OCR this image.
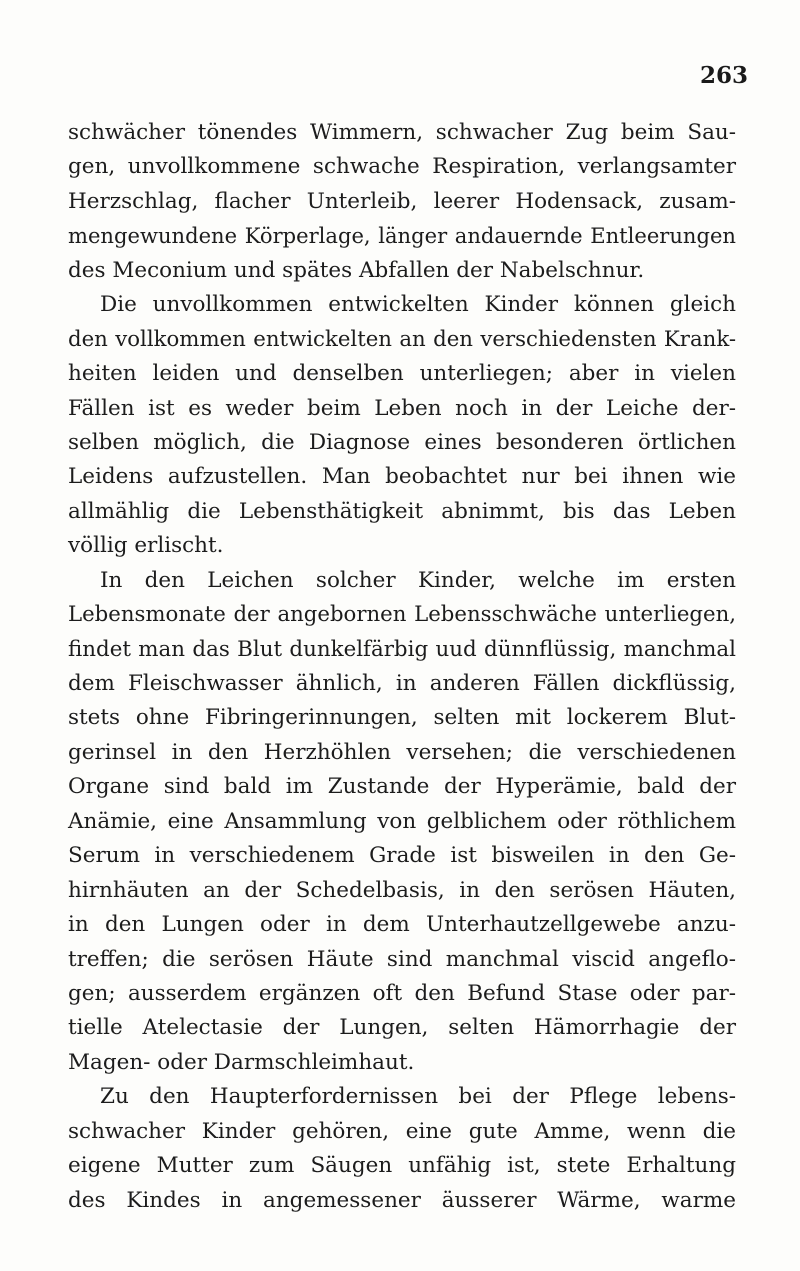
263
schwächer tönendes Wimmern, schwacher Zug beim Sau-
gen, unvollkommene schwache Respiration, verlangsamter
Herzschlag, flacher Unterleib, leerer Hodensack, zusam-
mengewundene Körperlage, länger andauernde Entleerungen
des Meconium und spätes Abfallen der Nabelschnur.
Die unvollkommen entwickelten Kinder können gleich
den vollkommen entwickelten an den verschiedensten Krank-
heiten leiden und denselben unterliegen; aber in vielen
Fällen ist es weder beim Leben noch in der Leiche der-
selben möglich, die Diagnose eines besonderen örtlichen
Leidens aufzustellen. Man beobachtet nur bei ihnen wie
allmählig die Lebensthätigkeit abnimmt, bis das Leben
völlig erlischt.
In den Leichen solcher Kinder, welche im ersten
Lebensmonate der angebornen Lebensschwäche unterliegen,
findet man das Blut dunkelfärbig uud dünnflüssig, manchmal
dem Fleischwasser ähnlich, in anderen Fällen dickflüssig,
stets ohne Fibringerinnungen, selten mit lockerem Blut-
gerinsel in den Herzhöhlen versehen; die verschiedenen
Organe sind bald im Zustande der Hyperämie, bald der
Anämie, eine Ansammlung von gelblichem oder röthlichem
Serum in verschiedenem Grade ist bisweilen in den Ge-
hirnhäuten an der Schedelbasis, in den serösen Häuten,
in den Lungen oder in dem Unterhautzellgewebe anzu-
treffen; die serösen Häute sind manchmal viscid angeflo-
gen; ausserdem ergänzen oft den Befund Stase oder par-
tielle Atelectasie der Lungen, selten Hämorrhagie der
Magen- oder Darmschleimhaut.
Zu den Haupterfordernissen bei der Pflege lebens-
schwacher Kinder gehören, eine gute Amme, wenn die
eigene Mutter zum Säugen unfähig ist, stete Erhaltung
des Kindes in angemessener äusserer Wärme, warme
